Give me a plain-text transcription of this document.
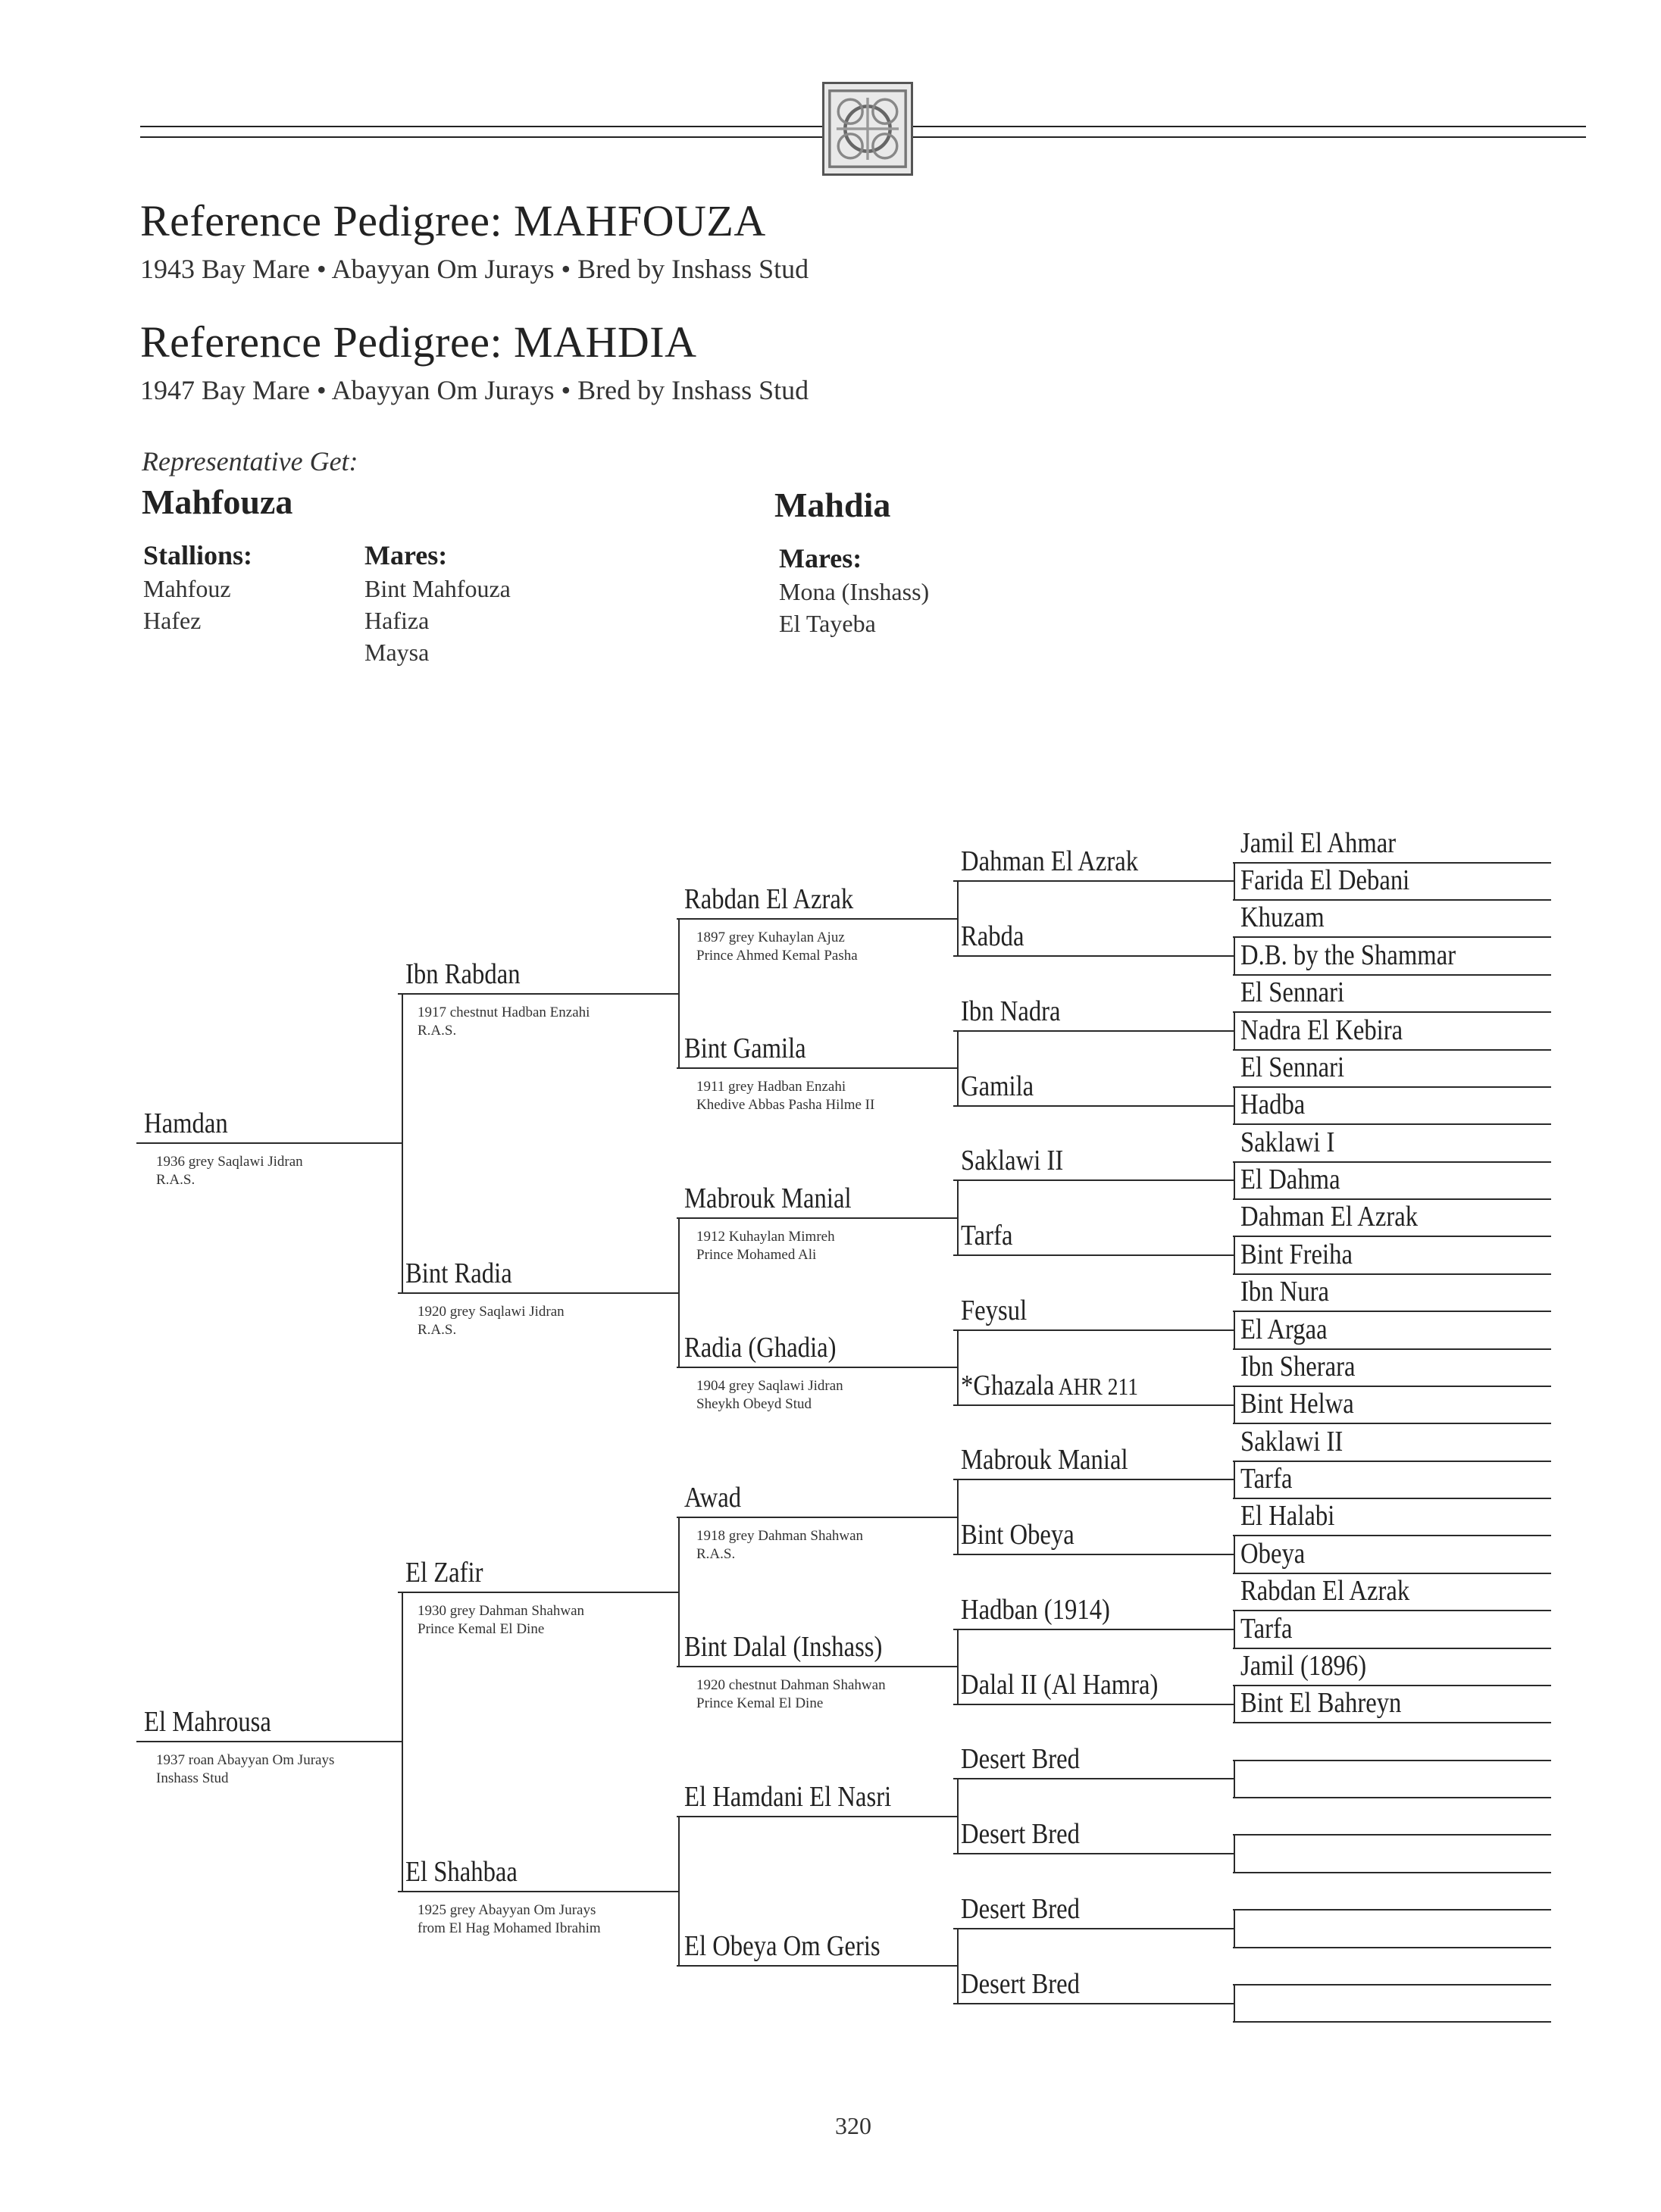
Reference Pedigree: MAHFOUZA
1943 Bay Mare • Abayyan Om Jurays • Bred by Inshass Stud
Reference Pedigree: MAHDIA
1947 Bay Mare • Abayyan Om Jurays • Bred by Inshass Stud
Representative Get:
Mahfouza	Mahdia
Stallions:
Mahfouz
Hafez
Mares:
Bint Mahfouza
Hafiza
Maysa
Mares:
Mona (Inshass)
El Tayeba
Hamdan
1936 grey Saqlawi Jidran
R.A.S.
El Mahrousa
1937 roan Abayyan Om Jurays
Inshass Stud
Ibn Rabdan
1917 chestnut Hadban Enzahi
R.A.S.
Bint Radia
1920 grey Saqlawi Jidran
R.A.S.
El Zafir
1930 grey Dahman Shahwan
Prince Kemal El Dine
El Shahbaa
1925 grey Abayyan Om Jurays
from El Hag Mohamed Ibrahim
Rabdan El Azrak
1897 grey Kuhaylan Ajuz
Prince Ahmed Kemal Pasha
Bint Gamila
1911 grey Hadban Enzahi
Khedive Abbas Pasha Hilme II
Mabrouk Manial
1912 Kuhaylan Mimreh
Prince Mohamed Ali
Radia (Ghadia)
1904 grey Saqlawi Jidran
Sheykh Obeyd Stud
Awad
1918 grey Dahman Shahwan
R.A.S.
Bint Dalal (Inshass)
1920 chestnut Dahman Shahwan
Prince Kemal El Dine
El Hamdani El Nasri
El Obeya Om Geris
Dahman El Azrak
Rabda
Ibn Nadra
Gamila
Saklawi II
Tarfa
Feysul
*Ghazala AHR 211
Mabrouk Manial
Bint Obeya
Hadban (1914)
Dalal II (Al Hamra)
Desert Bred
Desert Bred
Desert Bred
Desert Bred
Jamil El Ahmar
Farida El Debani
Khuzam
D.B. by the Shammar
El Sennari
Nadra El Kebira
El Sennari
Hadba
Saklawi I
El Dahma
Dahman El Azrak
Bint Freiha
Ibn Nura
El Argaa
Ibn Sherara
Bint Helwa
Saklawi II
Tarfa
El Halabi
Obeya
Rabdan El Azrak
Tarfa
Jamil (1896)
Bint El Bahreyn
320
